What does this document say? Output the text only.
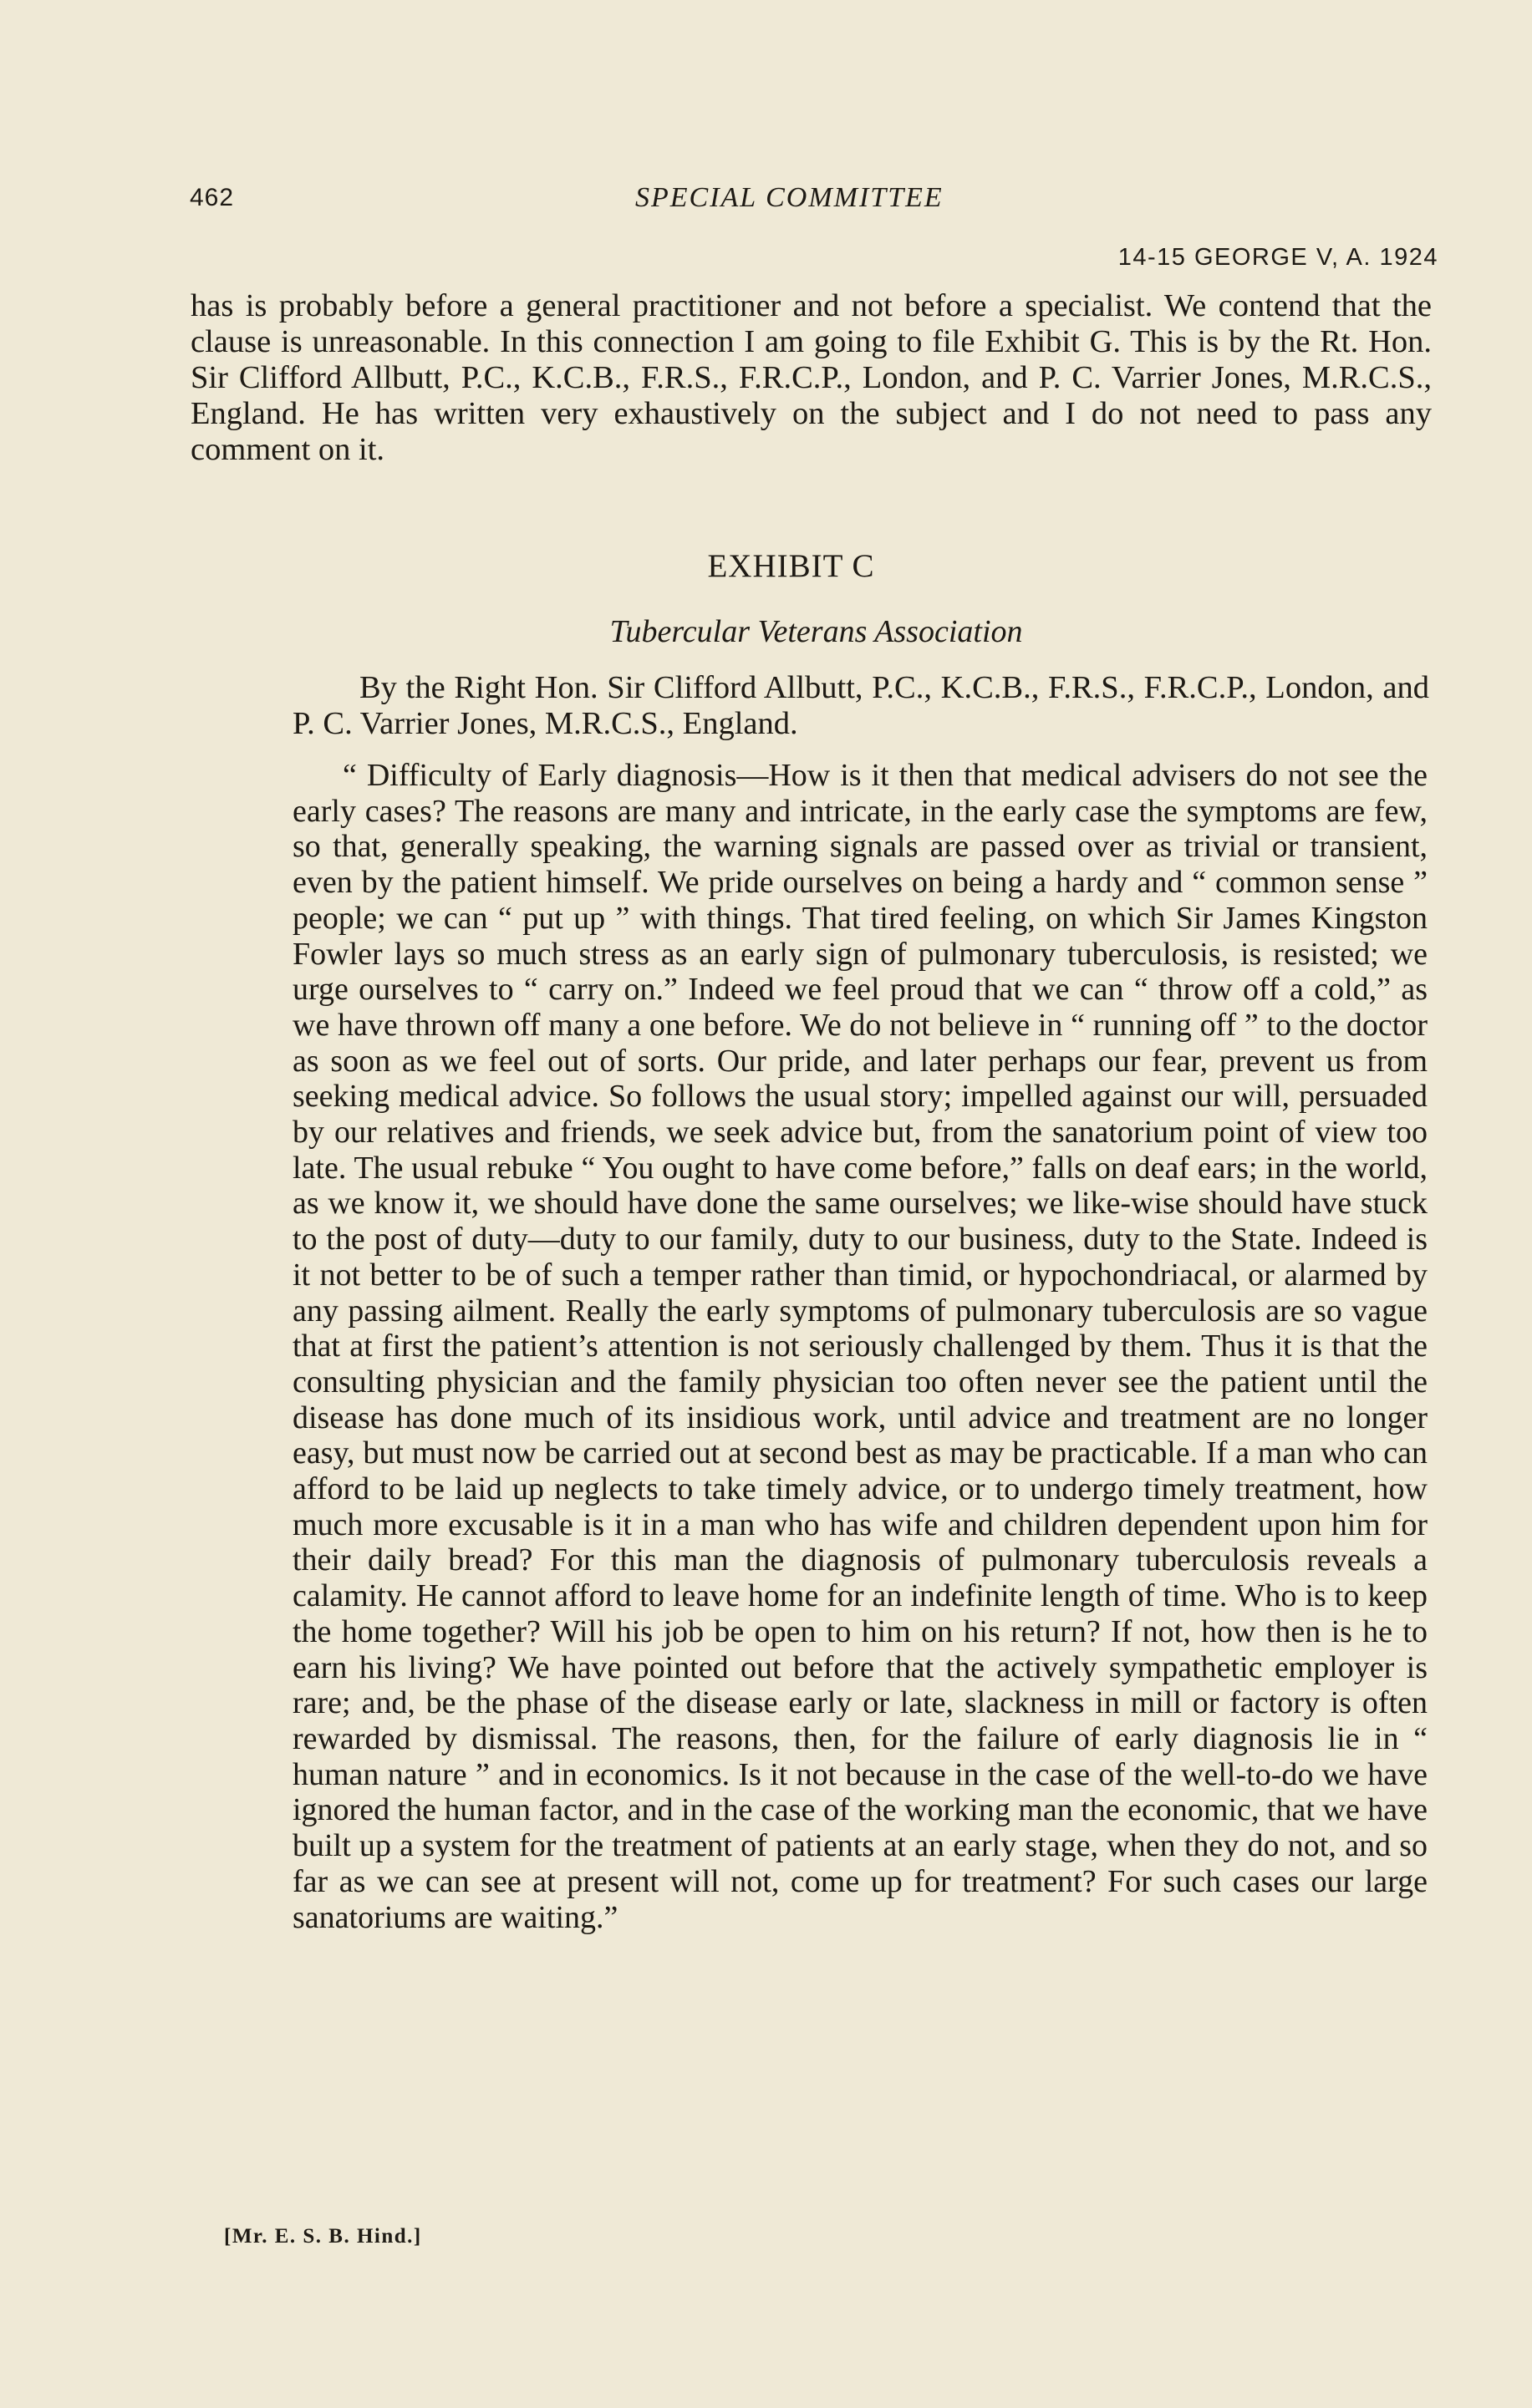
462	SPECIAL COMMITTEE
14-15 GEORGE V, A. 1924

has is probably before a general practitioner and not before a specialist. We contend that the clause is unreasonable. In this connection I am going to file Exhibit G. This is by the Rt. Hon. Sir Clifford Allbutt, P.C., K.C.B., F.R.S., F.R.C.P., London, and P. C. Varrier Jones, M.R.C.S., England. He has written very exhaustively on the subject and I do not need to pass any comment on it.

EXHIBIT C
Tubercular Veterans Association

By the Right Hon. Sir Clifford Allbutt, P.C., K.C.B., F.R.S., F.R.C.P., London, and P. C. Varrier Jones, M.R.C.S., England.

“ Difficulty of Early diagnosis—How is it then that medical advisers do not see the early cases? The reasons are many and intricate, in the early case the symptoms are few, so that, generally speaking, the warning signals are passed over as trivial or transient, even by the patient himself. We pride ourselves on being a hardy and “ common sense ” people; we can “ put up ” with things. That tired feeling, on which Sir James Kingston Fowler lays so much stress as an early sign of pulmonary tuberculosis, is resisted; we urge ourselves to “ carry on.” Indeed we feel proud that we can “ throw off a cold,” as we have thrown off many a one before. We do not believe in “ running off ” to the doctor as soon as we feel out of sorts. Our pride, and later perhaps our fear, prevent us from seeking medical advice. So follows the usual story; impelled against our will, persuaded by our relatives and friends, we seek advice but, from the sanatorium point of view too late. The usual rebuke “ You ought to have come before,” falls on deaf ears; in the world, as we know it, we should have done the same ourselves; we like-wise should have stuck to the post of duty—duty to our family, duty to our business, duty to the State. Indeed is it not better to be of such a temper rather than timid, or hypochondriacal, or alarmed by any passing ailment. Really the early symptoms of pulmonary tuberculosis are so vague that at first the patient’s attention is not seriously challenged by them. Thus it is that the consulting physician and the family physician too often never see the patient until the disease has done much of its insidious work, until advice and treatment are no longer easy, but must now be carried out at second best as may be practicable. If a man who can afford to be laid up neglects to take timely advice, or to undergo timely treatment, how much more excusable is it in a man who has wife and children dependent upon him for their daily bread? For this man the diagnosis of pulmonary tuberculosis reveals a calamity. He cannot afford to leave home for an indefinite length of time. Who is to keep the home together? Will his job be open to him on his return? If not, how then is he to earn his living? We have pointed out before that the actively sympathetic employer is rare; and, be the phase of the disease early or late, slackness in mill or factory is often rewarded by dismissal. The reasons, then, for the failure of early diagnosis lie in “ human nature ” and in economics. Is it not because in the case of the well-to-do we have ignored the human factor, and in the case of the working man the economic, that we have built up a system for the treatment of patients at an early stage, when they do not, and so far as we can see at present will not, come up for treatment? For such cases our large sanatoriums are waiting.”

[Mr. E. S. B. Hind.]
